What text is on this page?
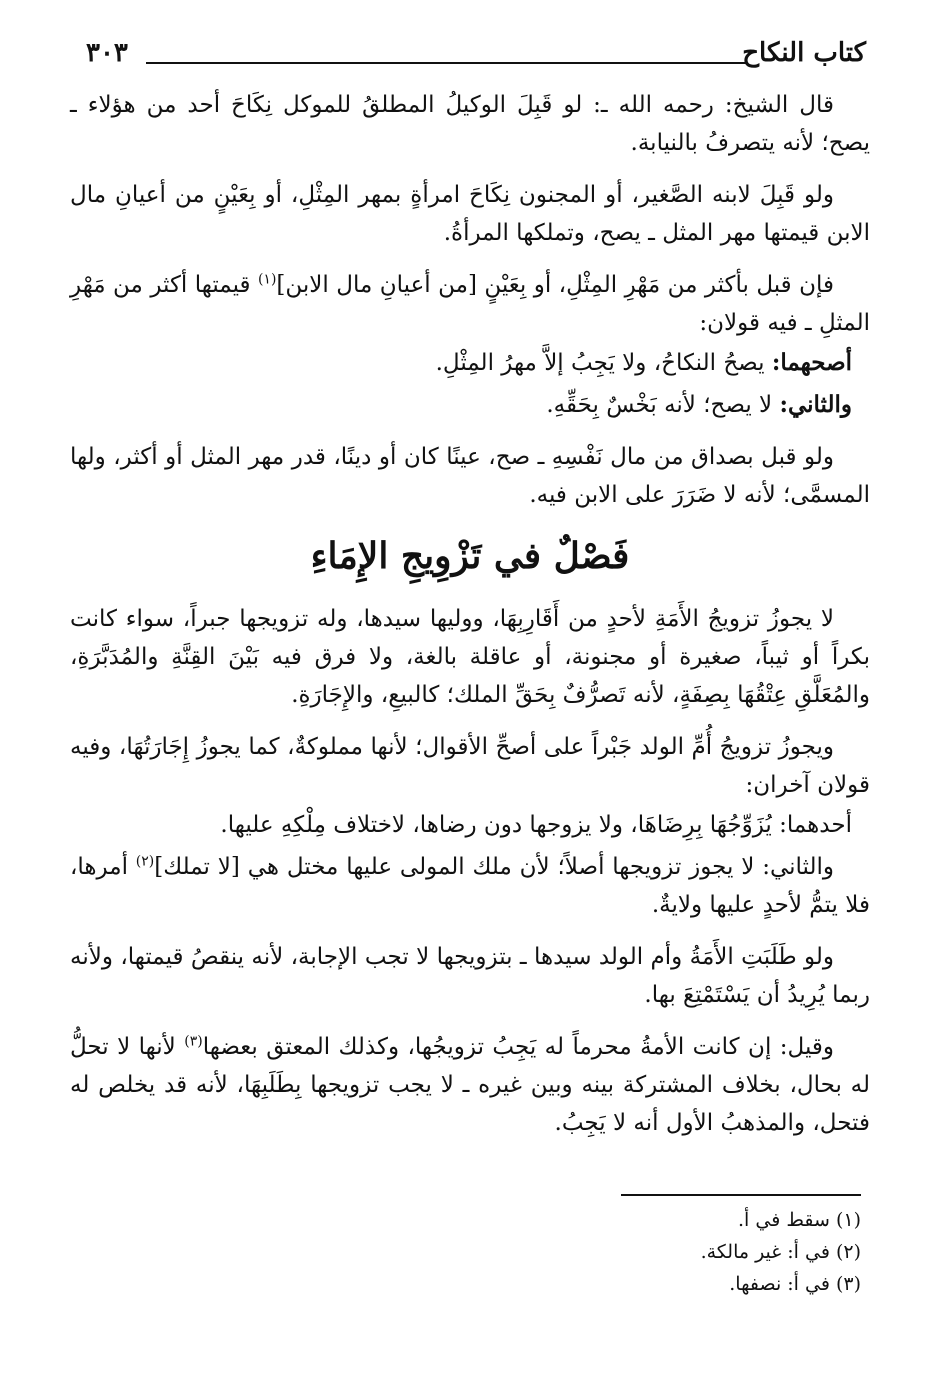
كتاب النكاح
٣٠٣

قال الشيخ: رحمه الله ـ: لو قَبِلَ الوكيلُ المطلقُ للموكل نِكَاحَ أحد من هؤلاء ـ يصح؛ لأنه يتصرفُ بالنيابة.

ولو قَبِلَ لابنه الصَّغير، أو المجنون نِكَاحَ امرأةٍ بمهر المِثْلِ، أو بِعَيْنٍ من أعيانِ مال الابن قيمتها مهر المثل ـ يصح، وتملكها المرأةُ.

فإن قبل بأكثر من مَهْرِ المِثْلِ، أو بِعَيْنٍ [من أعيانِ مال الابن]$^{(١)}$ قيمتها أكثر من مَهْرِ المثلِ ـ فيه قولان:

أصحهما: يصحُ النكاحُ، ولا يَجِبُ إلاَّ مهرُ المِثْلِ.

والثاني: لا يصح؛ لأنه بَخْسٌ بِحَقِّهِ.

ولو قبل بصداق من مال نَفْسِهِ ـ صح، عينًا كان أو دينًا، قدر مهر المثل أو أكثر، ولها المسمَّى؛ لأنه لا ضَرَرَ على الابن فيه.

فَصْلٌ في تَزْوِيجِ الإِمَاءِ

لا يجوزُ تزويجُ الأَمَةِ لأحدٍ من أَقَارِبِهَا، ووليها سيدها، وله تزويجها جبراً، سواء كانت بكراً أو ثيباً، صغيرة أو مجنونة، أو عاقلة بالغة، ولا فرق فيه بَيْنَ القِنَّةِ والمُدَبَّرَةِ، والمُعَلَّقِ عِتْقُهَا بِصِفَةٍ، لأنه تَصرُّفٌ بِحَقِّ الملك؛ كالبيعِ، والإِجَارَةِ.

ويجوزُ تزويجُ أُمِّ الولد جَبْراً على أصحِّ الأقوال؛ لأنها مملوكةٌ، كما يجوزُ إِجَارَتُهَا، وفيه قولان آخران:

أحدهما: يُزَوِّجُهَا بِرِضَاهَا، ولا يزوجها دون رضاها، لاختلاف مِلْكِهِ عليها.

والثاني: لا يجوز تزويجها أصلاً؛ لأن ملك المولى عليها مختل هي [لا تملك]$^{(٢)}$ أمرها، فلا يتمُّ لأحدٍ عليها ولايةٌ.

ولو طَلَبَتِ الأَمَةُ وأم الولد سيدها ـ بتزويجها لا تجب الإجابة، لأنه ينقصُ قيمتها، ولأنه ربما يُرِيدُ أن يَسْتَمْتِعَ بها.

وقيل: إن كانت الأمةُ محرماً له يَجِبُ تزويجُها، وكذلك المعتق بعضها$^{(٣)}$ لأنها لا تحلُّ له بحال، بخلاف المشتركة بينه وبين غيره ـ لا يجب تزويجها بِطَلَبِهَا، لأنه قد يخلص له فتحل، والمذهبُ الأول أنه لا يَجِبُ.

(١) سقط في أ.

(٢) في أ: غير مالكة.

(٣) في أ: نصفها.
